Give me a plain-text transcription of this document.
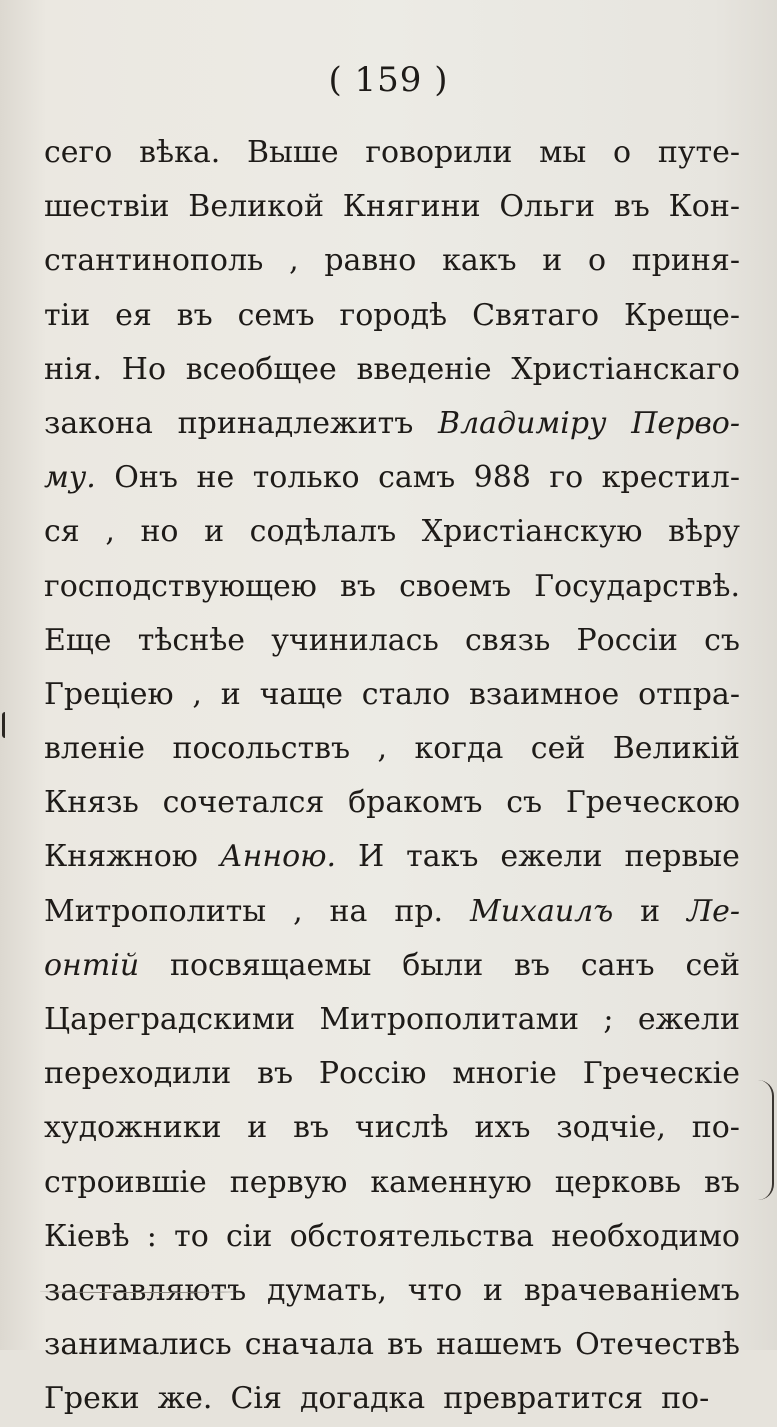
( 159 )
сего вѣка. Выше говорили мы о путе-
шествіи Великой Княгини Ольги въ Кон-
стантинополь , равно какъ и о приня-
тіи ея въ семъ городѣ Святаго Креще-
нія. Но всеобщее введеніе Христіанскаго
закона принадлежитъ Владиміру Перво-
му. Онъ не только самъ 988 го крестил-
ся , но и содѣлалъ Христіанскую вѣру
господствующею въ своемъ Государствѣ.
Еще тѣснѣе учинилась связь Россіи съ
Греціею , и чаще стало взаимное отпра-
вленіе посольствъ , когда сей Великій
Князь сочетался бракомъ съ Греческою
Княжною Анною. И такъ ежели первые
Митрополиты , на пр. Михаилъ и Ле-
онтій посвящаемы были въ санъ сей
Цареградскими Митрополитами ; ежели
переходили въ Россію многіе Греческіе
художники и въ числѣ ихъ зодчіе, по-
строившіе первую каменную церковь въ
Кіевѣ : то сіи обстоятельства необходимо
заставляютъ думать, что и врачеваніемъ
занимались сначала въ нашемъ Отечествѣ
Греки же. Сія догадка превратится по-
